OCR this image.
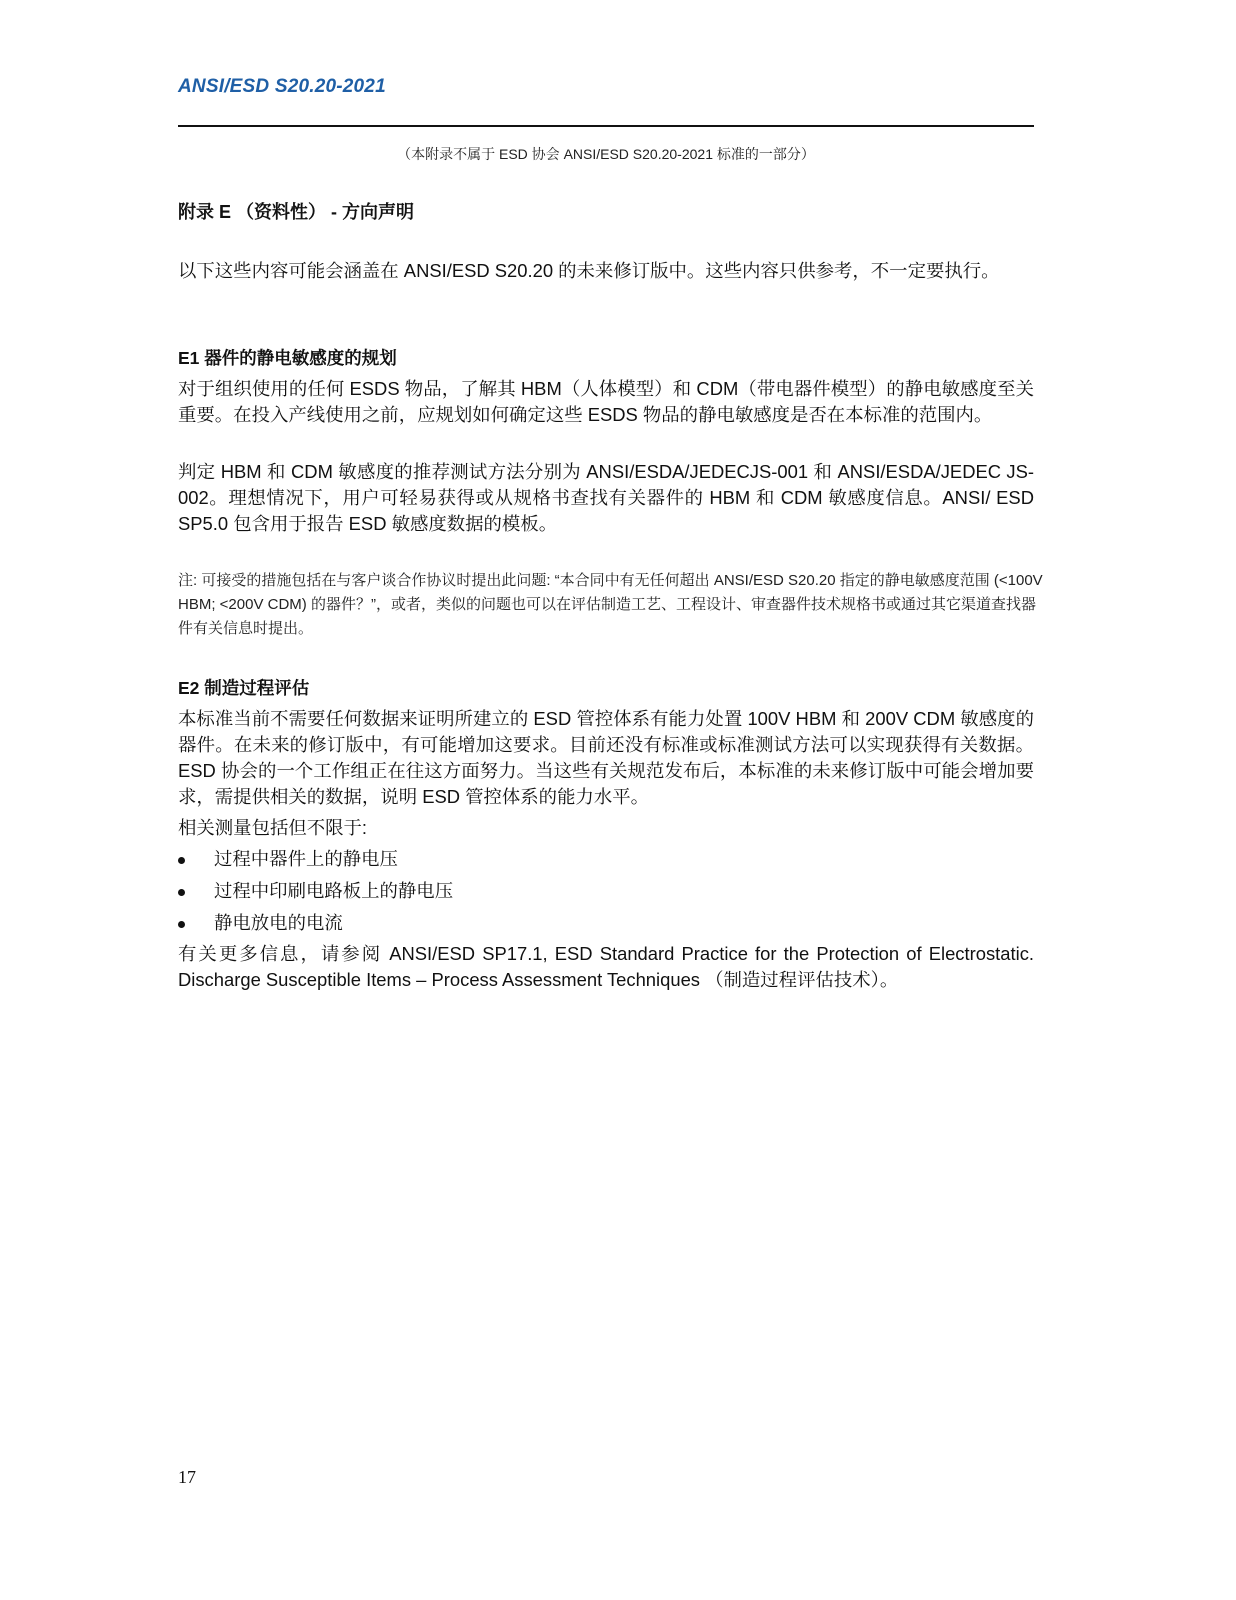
ANSI/ESD S20.20-2021
（本附录不属于 ESD 协会 ANSI/ESD S20.20-2021 标准的一部分）
附录 E （资料性） - 方向声明
以下这些内容可能会涵盖在 ANSI/ESD S20.20 的未来修订版中。这些内容只供参考，不一定要执行。
E1 器件的静电敏感度的规划
对于组织使用的任何 ESDS 物品，了解其 HBM（人体模型）和 CDM（带电器件模型）的静电敏感度至关重要。在投入产线使用之前，应规划如何确定这些 ESDS 物品的静电敏感度是否在本标准的范围内。
判定 HBM 和 CDM 敏感度的推荐测试方法分别为 ANSI/ESDA/JEDECJS-001 和 ANSI/ESDA/JEDEC JS-002。理想情况下，用户可轻易获得或从规格书查找有关器件的 HBM 和 CDM 敏感度信息。ANSI/ ESD SP5.0 包含用于报告 ESD 敏感度数据的模板。
注: 可接受的措施包括在与客户谈合作协议时提出此问题: “本合同中有无任何超出 ANSI/ESD S20.20 指定的静电敏感度范围 (<100V HBM; <200V CDM) 的器件？”，或者，类似的问题也可以在评估制造工艺、工程设计、审查器件技术规格书或通过其它渠道查找器件有关信息时提出。
E2 制造过程评估
本标准当前不需要任何数据来证明所建立的 ESD 管控体系有能力处置 100V HBM 和 200V CDM 敏感度的器件。在未来的修订版中，有可能增加这要求。目前还没有标准或标准测试方法可以实现获得有关数据。ESD 协会的一个工作组正在往这方面努力。当这些有关规范发布后，本标准的未来修订版中可能会增加要求，需提供相关的数据，说明 ESD 管控体系的能力水平。
相关测量包括但不限于:
过程中器件上的静电压
过程中印刷电路板上的静电压
静电放电的电流
有关更多信息，请参阅 ANSI/ESD SP17.1, ESD Standard Practice for the Protection of Electrostatic. Discharge Susceptible Items – Process Assessment Techniques （制造过程评估技术）。
17
